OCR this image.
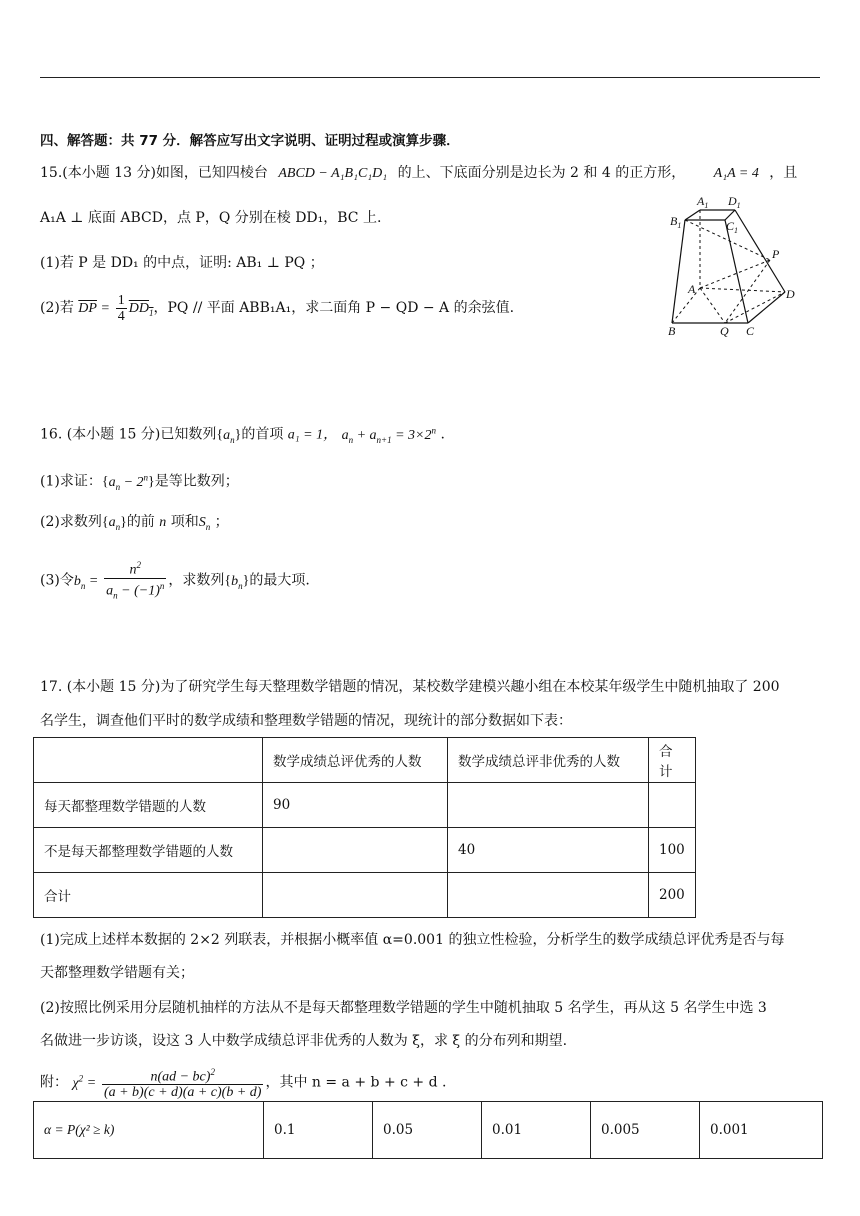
四、解答题：共 77 分．解答应写出文字说明、证明过程或演算步骤．
15.(本小题 13 分)如图，已知四棱台 ABCD − A₁B₁C₁D₁ 的上、下底面分别是边长为 2 和 4 的正方形， A₁A = 4 ，且
A₁A ⊥ 底面 ABCD，点 P，Q 分别在棱 DD₁，BC 上.
(1)若 P 是 DD₁ 的中点，证明: AB₁ ⊥ PQ ；
(2)若 $\overline{DP} = \frac{1}{4} DD_1$，PQ // 平面 ABB₁A₁，求二面角 P − QD − A 的余弦值.
$A_1$ $D_1$
$B_1$	$C_1$
P
A	D
B	Q C
16. (本小题 15 分)已知数列$\{a_n\}$的首项 a₁ = 1， $a_n + a_{n+1} = 3\times 2^n$ .
(1)求证：$\{a_n - 2^n\}$是等比数列；
(2)求数列$\{a_n\}$的前 n 项和$S_n$ ；
(3)令$b_n = \frac{n^2}{a_n - (-1)^n}$ ，求数列$\{b_n\}$的最大项.
17. (本小题 15 分)为了研究学生每天整理数学错题的情况，某校数学建模兴趣小组在本校某年级学生中随机抽取了 200
名学生，调查他们平时的数学成绩和整理数学错题的情况，现统计的部分数据如下表：
	数学成绩总评优秀的人数	数学成绩总评非优秀的人数	合计
每天都整理数学错题的人数	90		
不是每天都整理数学错题的人数		40	100
合计			200
(1)完成上述样本数据的 2×2 列联表，并根据小概率值 α=0.001 的独立性检验，分析学生的数学成绩总评优秀是否与每
天都整理数学错题有关；
(2)按照比例采用分层随机抽样的方法从不是每天都整理数学错题的学生中随机抽取 5 名学生，再从这 5 名学生中选 3
名做进一步访谈，设这 3 人中数学成绩总评非优秀的人数为 ξ，求 ξ 的分布列和期望.
附： $\chi^2 = \frac{n(ad - bc)^2}{(a + b)(c + d)(a + c)(b + d)}$ ，其中 n = a + b + c + d .
α = P(χ² ≥ k)	0.1	0.05	0.01	0.005	0.001
